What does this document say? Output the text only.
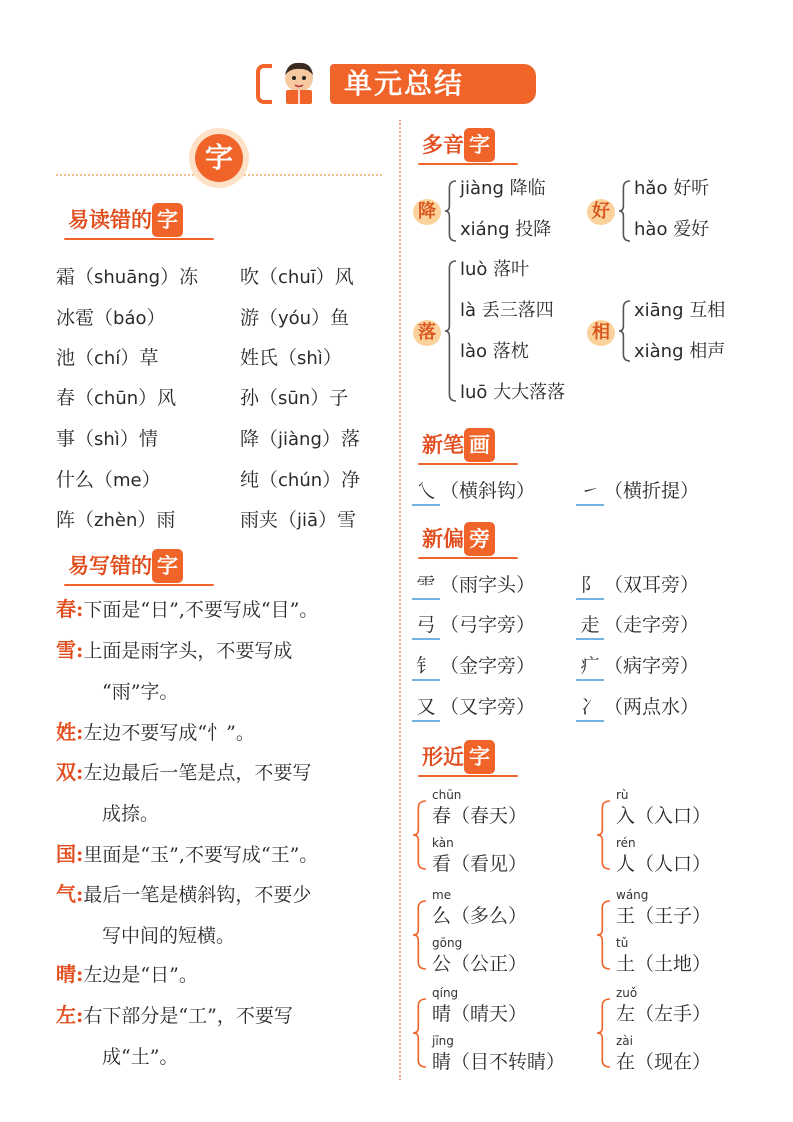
单元总结
字
易读错的 字
霜（shuāng）冻
冰雹（báo）
池（chí）草
春（chūn）风
事（shì）情
什么（me）
阵（zhèn）雨
吹（chuī）风
游（yóu）鱼
姓氏（shì）
孙（sūn）子
降（jiàng）落
纯（chún）净
雨夹（jiā）雪
易写错的 字
春:下面是“日”,不要写成“目”。
雪:上面是雨字头，不要写成
“雨”字。
姓:左边不要写成“忄”。
双:左边最后一笔是点，不要写
成捺。
国:里面是“玉”,不要写成“王”。
气:最后一笔是横斜钩，不要少
写中间的短横。
晴:左边是“日”。
左:右下部分是“工”，不要写
成“土”。
多音 字
降
jiàng 降临
xiáng 投降
好
hǎo 好听
hào 爱好
落
luò 落叶
là 丢三落四
lào 落枕
luō 大大落落
相
xiāng 互相
xiàng 相声
新笔 画
乀 （横斜钩） ㇀ （横折提）
新偏 旁
⻗ （雨字头） 阝 （双耳旁）
弓 （弓字旁） 走 （走字旁）
钅 （金字旁） 疒 （病字旁）
又 （又字旁） 冫 （两点水）
形近 字
chūn
春（春天）
kàn
看（看见）
rù
入（入口）
rén
人（人口）
me
么（多么）
gōng
公（公正）
wáng
王（王子）
tǔ
土（土地）
qíng
晴（晴天）
jīng
睛（目不转睛）
zuǒ
左（左手）
zài
在（现在）
